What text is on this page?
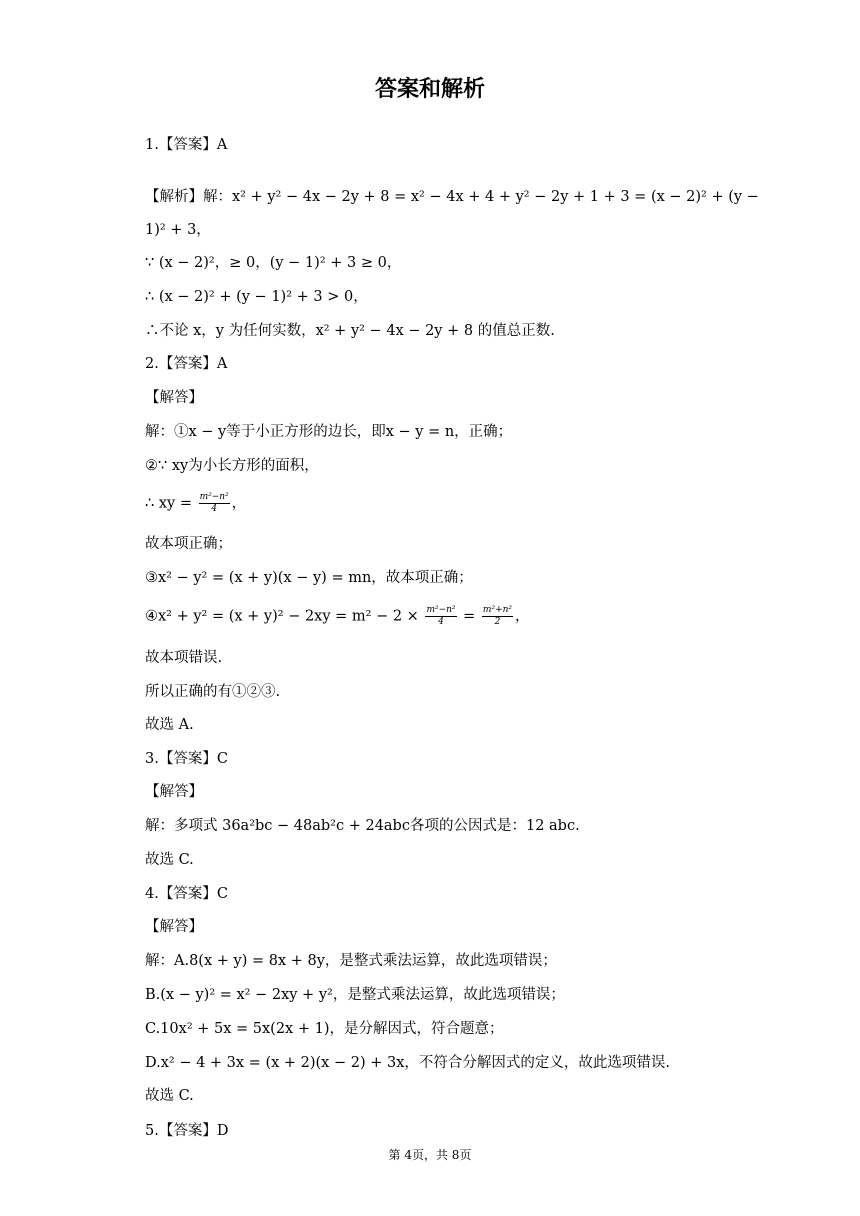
答案和解析
1.【答案】A
【解析】解：x² + y² − 4x − 2y + 8 = x² − 4x + 4 + y² − 2y + 1 + 3 = (x − 2)² + (y −
1)² + 3，
∵ (x − 2)²，≥ 0，(y − 1)² + 3 ≥ 0，
∴ (x − 2)² + (y − 1)² + 3 > 0，
∴不论 x，y 为任何实数，x² + y² − 4x − 2y + 8 的值总正数.
2.【答案】A
【解答】
解：①x − y等于小正方形的边长，即x − y = n，正确；
②∵ xy为小长方形的面积，
∴ xy = $\frac{\text{m²−n²}}{4}$ ，
故本项正确；
③x² − y² = (x + y)(x − y) = mn，故本项正确；
④x² + $y^2 = (x + y)^2 - 2xy = m^2 - 2 \times \frac{\text{m²−n²}}{4} = \frac{\text{m²+n²}}{2}$ ，
故本项错误.
所以正确的有①②③.
故选 A.
3.【答案】C
【解答】
解：多项式 36a²bc − 48ab²c + 24abc各项的公因式是：12 abc.
故选 C.
4.【答案】C
【解答】
解：A.8(x + y) = 8x + 8y，是整式乘法运算，故此选项错误；
B.(x − y)² = x² − 2xy + y²，是整式乘法运算，故此选项错误；
C.10x² + 5x = 5x(2x + 1)，是分解因式，符合题意；
D.x² − 4 + 3x = (x + 2)(x − 2) + 3x，不符合分解因式的定义，故此选项错误.
故选 C.
5.【答案】D
第 4页，共 8页
